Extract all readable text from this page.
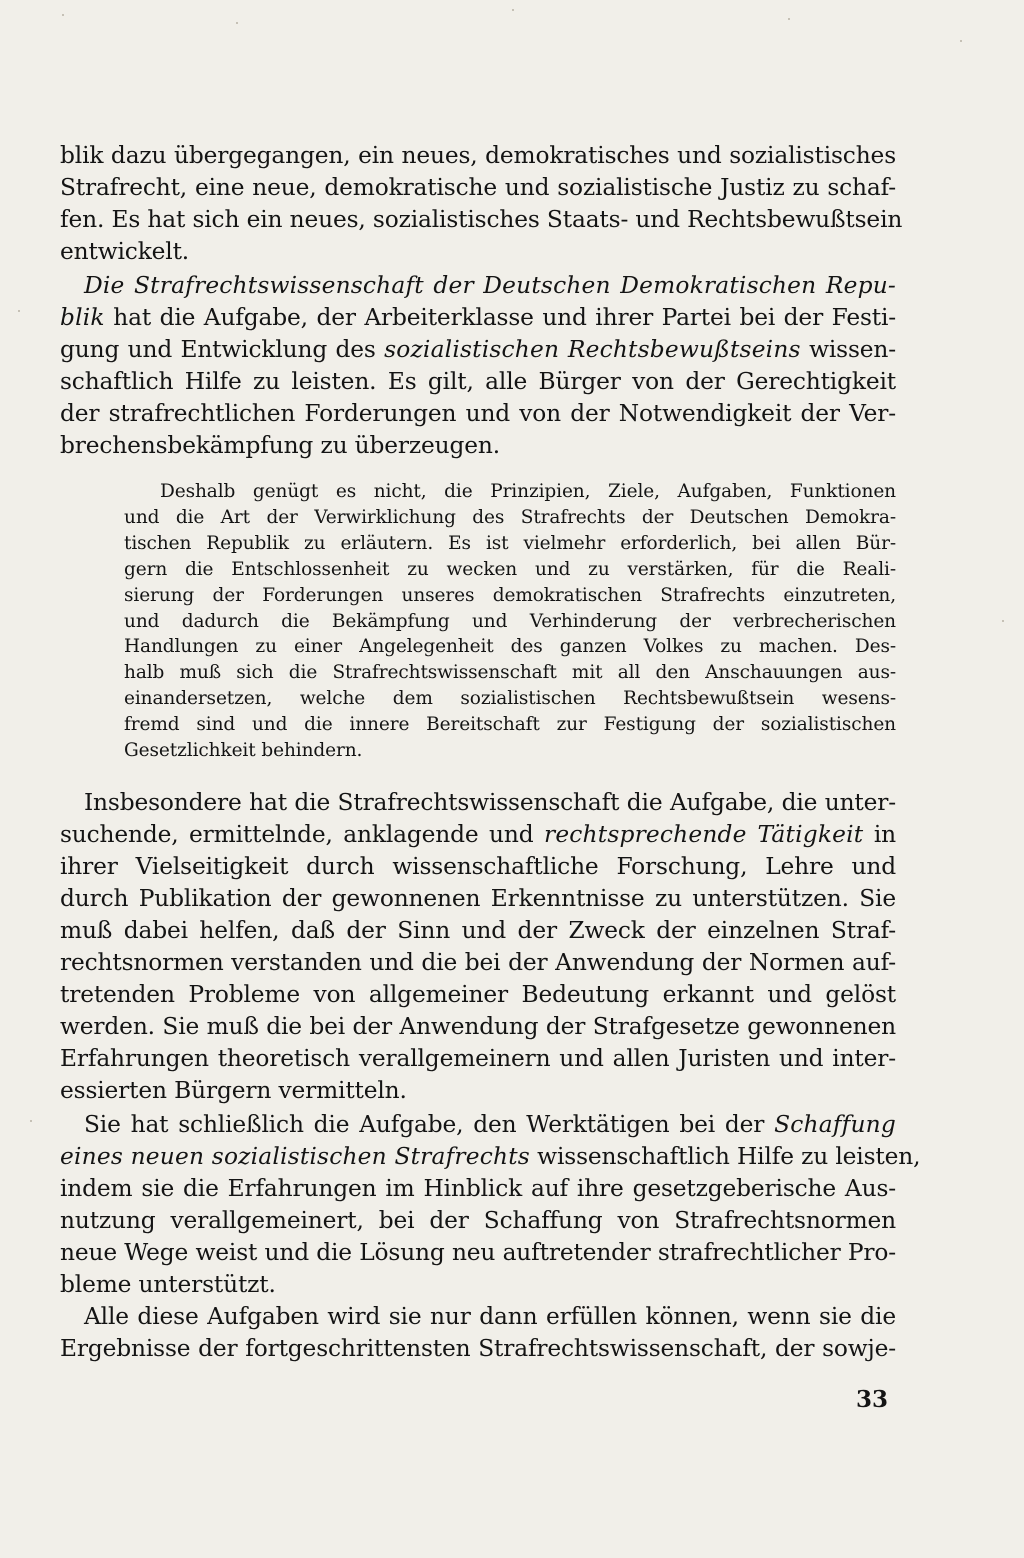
blik dazu übergegangen, ein neues, demokratisches und sozialistisches
Strafrecht, eine neue, demokratische und sozialistische Justiz zu schaf-
fen. Es hat sich ein neues, sozialistisches Staats- und Rechtsbewußtsein
entwickelt.

Die Strafrechtswissenschaft der Deutschen Demokratischen Repu-
blik hat die Aufgabe, der Arbeiterklasse und ihrer Partei bei der Festi-
gung und Entwicklung des sozialistischen Rechtsbewußtseins wissen-
schaftlich Hilfe zu leisten. Es gilt, alle Bürger von der Gerechtigkeit
der strafrechtlichen Forderungen und von der Notwendigkeit der Ver-
brechensbekämpfung zu überzeugen.

Deshalb genügt es nicht, die Prinzipien, Ziele, Aufgaben, Funktionen
und die Art der Verwirklichung des Strafrechts der Deutschen Demokra-
tischen Republik zu erläutern. Es ist vielmehr erforderlich, bei allen Bür-
gern die Entschlossenheit zu wecken und zu verstärken, für die Reali-
sierung der Forderungen unseres demokratischen Strafrechts einzutreten,
und dadurch die Bekämpfung und Verhinderung der verbrecherischen
Handlungen zu einer Angelegenheit des ganzen Volkes zu machen. Des-
halb muß sich die Strafrechtswissenschaft mit all den Anschauungen aus-
einandersetzen, welche dem sozialistischen Rechtsbewußtsein wesens-
fremd sind und die innere Bereitschaft zur Festigung der sozialistischen
Gesetzlichkeit behindern.

Insbesondere hat die Strafrechtswissenschaft die Aufgabe, die unter-
suchende, ermittelnde, anklagende und rechtsprechende Tätigkeit in
ihrer Vielseitigkeit durch wissenschaftliche Forschung, Lehre und
durch Publikation der gewonnenen Erkenntnisse zu unterstützen. Sie
muß dabei helfen, daß der Sinn und der Zweck der einzelnen Straf-
rechtsnormen verstanden und die bei der Anwendung der Normen auf-
tretenden Probleme von allgemeiner Bedeutung erkannt und gelöst
werden. Sie muß die bei der Anwendung der Strafgesetze gewonnenen
Erfahrungen theoretisch verallgemeinern und allen Juristen und inter-
essierten Bürgern vermitteln.

Sie hat schließlich die Aufgabe, den Werktätigen bei der Schaffung
eines neuen sozialistischen Strafrechts wissenschaftlich Hilfe zu leisten,
indem sie die Erfahrungen im Hinblick auf ihre gesetzgeberische Aus-
nutzung verallgemeinert, bei der Schaffung von Strafrechtsnormen
neue Wege weist und die Lösung neu auftretender strafrechtlicher Pro-
bleme unterstützt.

Alle diese Aufgaben wird sie nur dann erfüllen können, wenn sie die
Ergebnisse der fortgeschrittensten Strafrechtswissenschaft, der sowje-

33
